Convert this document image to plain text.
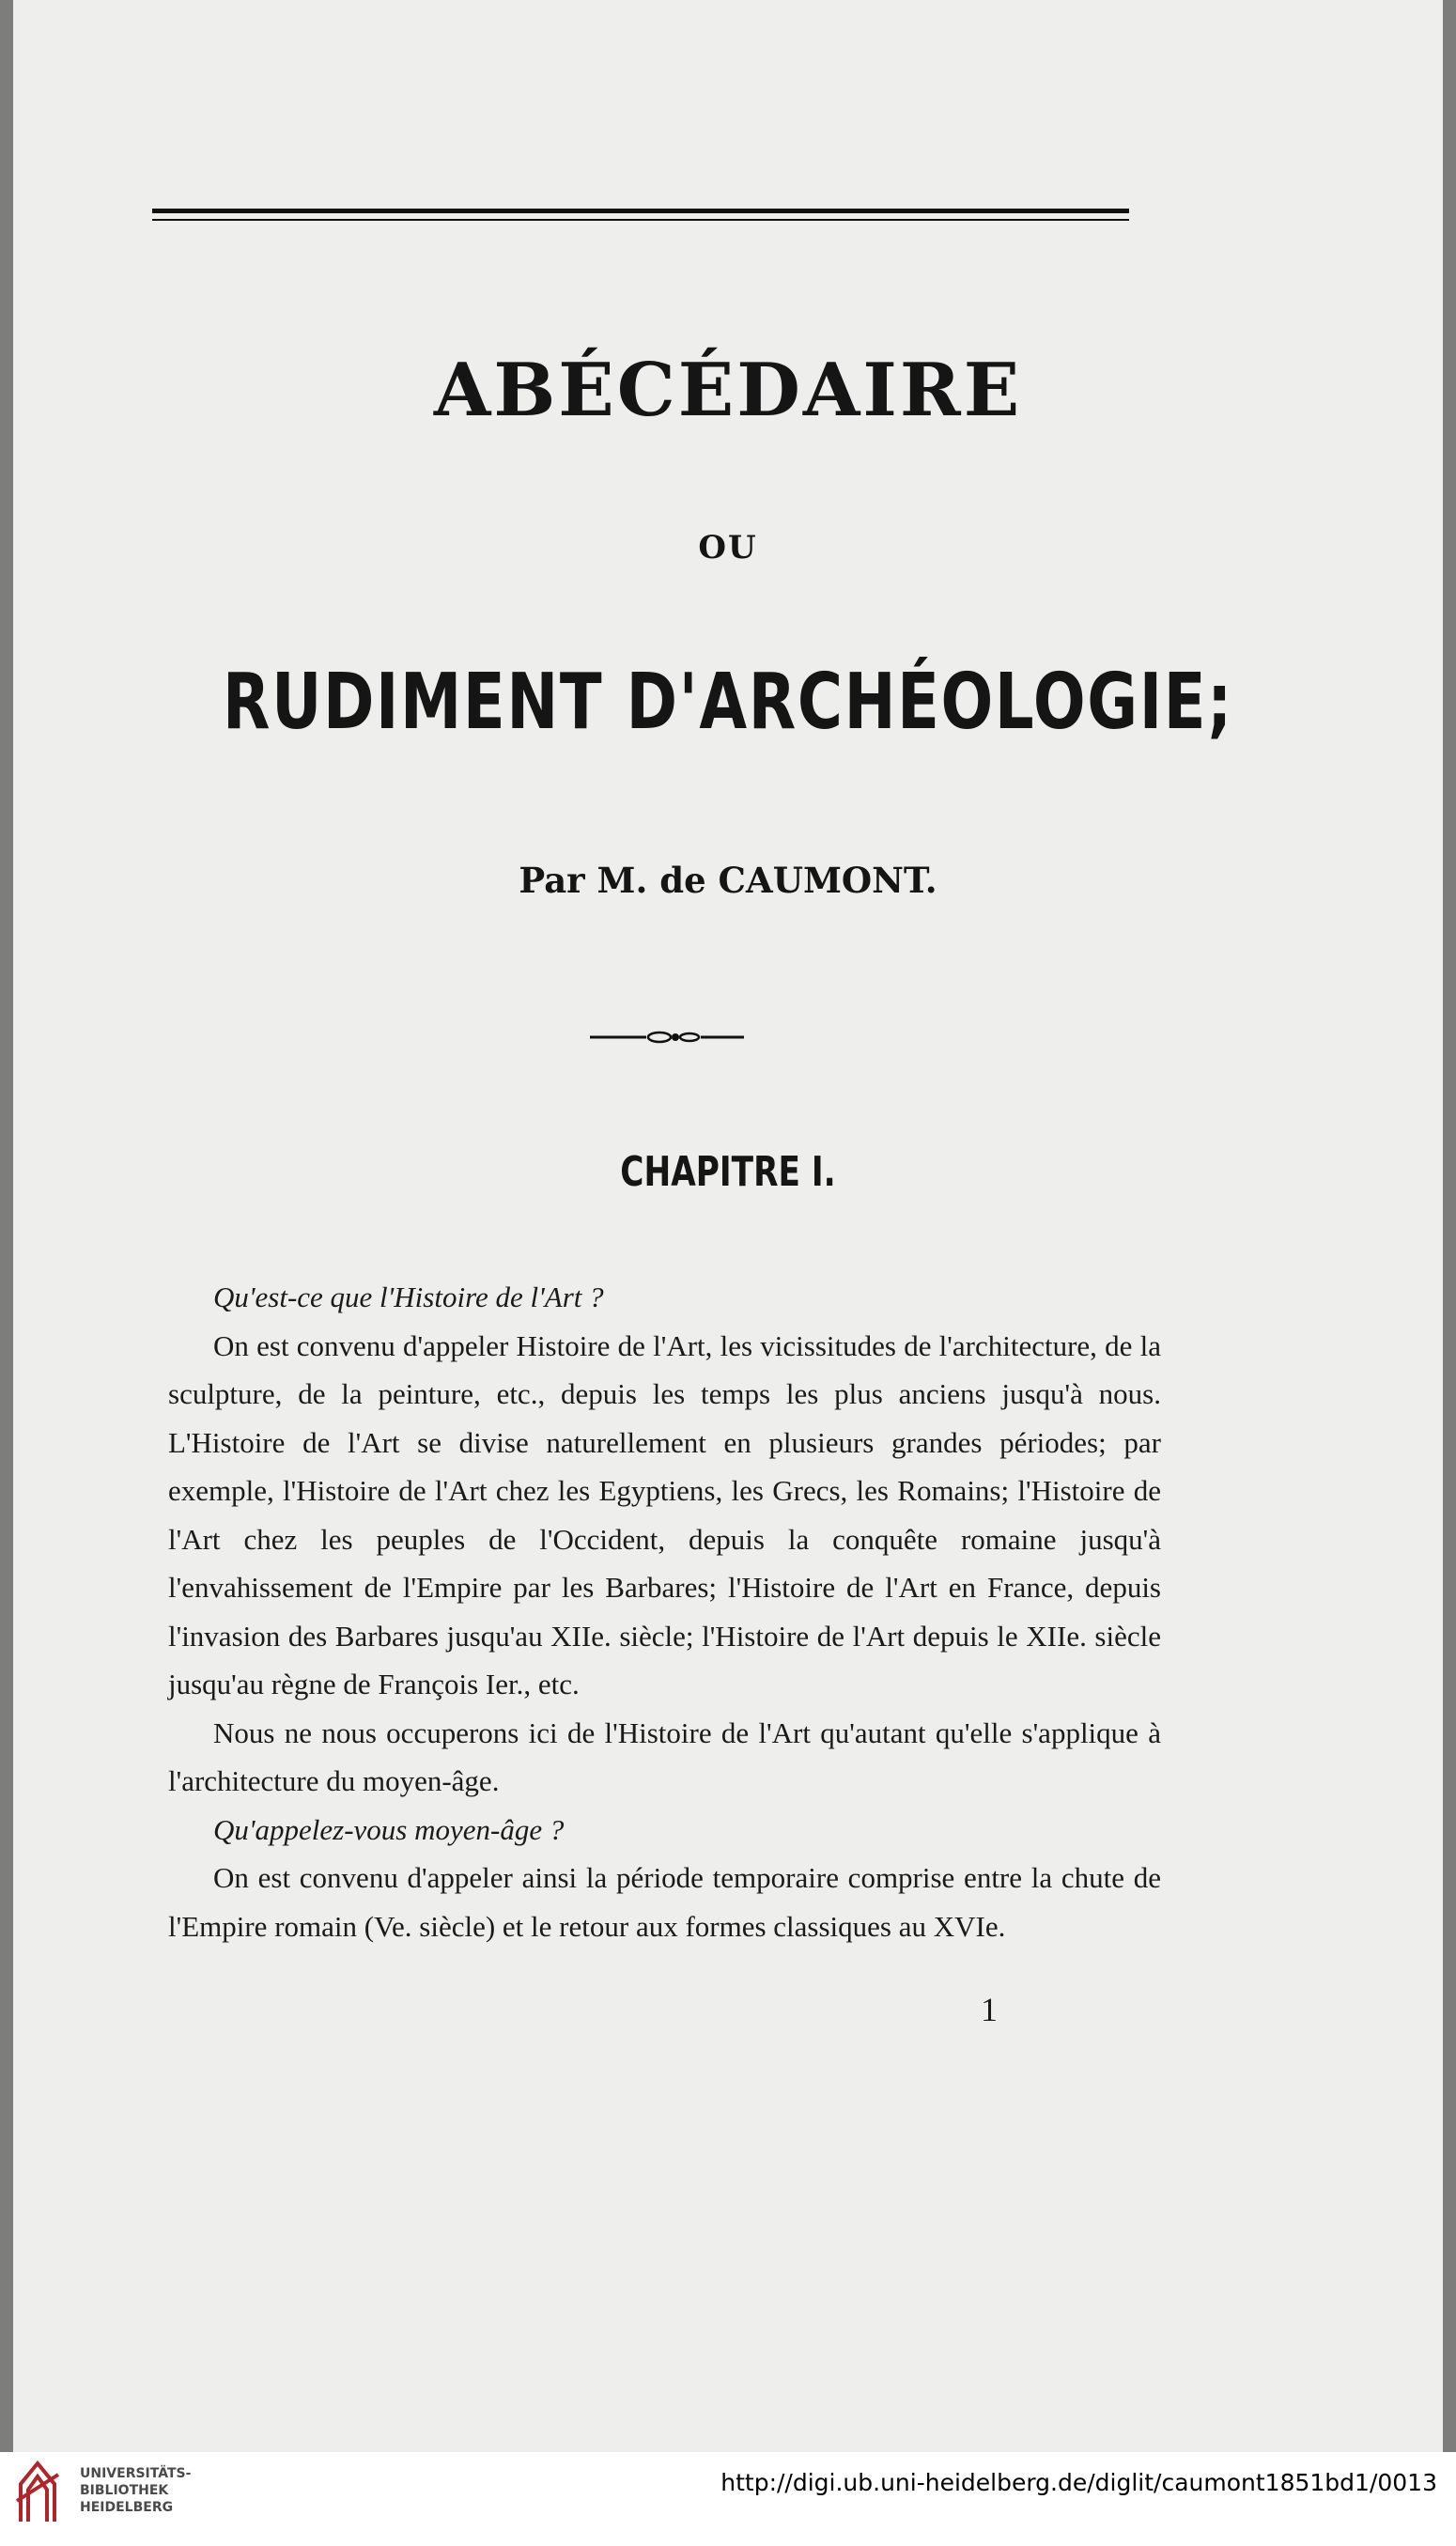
ABÉCÉDAIRE
OU
RUDIMENT D'ARCHÉOLOGIE;
Par M. de CAUMONT.
CHAPITRE I.

Qu'est-ce que l'Histoire de l'Art ?

On est convenu d'appeler Histoire de l'Art, les vicissitudes de l'architecture, de la sculpture, de la peinture, etc., depuis les temps les plus anciens jusqu'à nous. L'Histoire de l'Art se divise naturellement en plusieurs grandes périodes; par exemple, l'Histoire de l'Art chez les Egyptiens, les Grecs, les Romains; l'Histoire de l'Art chez les peuples de l'Occident, depuis la conquête romaine jusqu'à l'envahissement de l'Empire par les Barbares; l'Histoire de l'Art en France, depuis l'invasion des Barbares jusqu'au XIIe. siècle; l'Histoire de l'Art depuis le XIIe. siècle jusqu'au règne de François Ier., etc.

Nous ne nous occuperons ici de l'Histoire de l'Art qu'autant qu'elle s'applique à l'architecture du moyen-âge.

Qu'appelez-vous moyen-âge ?

On est convenu d'appeler ainsi la période temporaire comprise entre la chute de l'Empire romain (Ve. siècle) et le retour aux formes classiques au XVIe.

1
UNIVERSITÄTS-
BIBLIOTHEK
HEIDELBERG
http://digi.ub.uni-heidelberg.de/diglit/caumont1851bd1/0013
